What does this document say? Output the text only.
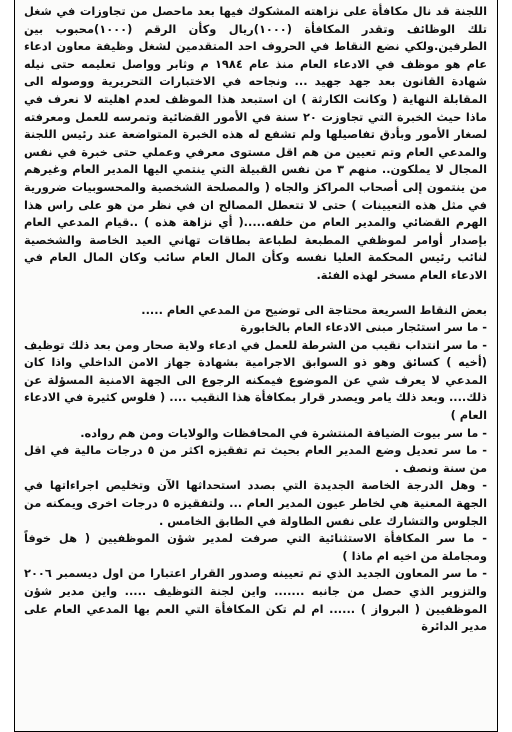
اللجنة قد نال مكافأة على نزاهته المشكوك فيها بعد ماحصل من تجاوزات في شغل تلك الوظائف وتقدر المكافأة (١٠٠٠)ريال وكأن الرقم (١٠٠٠)محبوب بين الطرفين.ولكي نضع النقاط في الحروف احد المتقدمين لشغل وظيفة معاون ادعاء عام هو موظف في الادعاء العام منذ عام ١٩٨٤ م وثابر وواصل تعليمه حتى نيله شهادة القانون بعد جهد جهيد ... ونجاحه في الاختبارات التحريرية ووصوله الى المقابلة النهاية ( وكانت الكارثة ) ان استبعد هذا الموظف لعدم اهليته لا نعرف في ماذا حيث الخبرة التي تجاوزت ٢٠ سنة في الأمور القضائية وتمرسه للعمل ومعرفته لصغار الأمور وبأدق تفاصيلها ولم تشفع له هذه الخبرة المتواضعة عند رئيس اللجنة والمدعي العام وتم تعيين من هم اقل مستوى معرفي وعملي حتى خبرة في نفس المجال لا يملكون.. منهم ٣ من نفس القبيلة التي ينتمي اليها المدير العام وغيرهم من ينتمون إلى أصحاب المراكز والجاه ( والمصلحة الشخصية والمحسوبيات ضرورية في مثل هذه التعيينات ) حتى لا تتعطل المصالح ان في نظر من هو على راس هذا الهرم القضائي والمدير العام من خلفه.....( أي نزاهة هذه ) ..قيام المدعي العام بإصدار أوامر لموظفي المطبعة لطباعة بطاقات تهاني العيد الخاصة والشخصية لنائب رئيس المحكمة العليا نفسه وكأن المال العام سائب وكان المال العام في الادعاء العام مسخر لهذه الفئة.

بعض النقاط السريعة محتاجة الى توضيح من المدعي العام .....

- ما سر استئجار مبنى الادعاء العام بالخابورة

- ما سر انتداب نقيب من الشرطة للعمل في ادعاء ولاية صحار ومن بعد ذلك توظيف (أخيه ) كسائق وهو ذو السوابق الاجرامية بشهادة جهاز الامن الداخلي واذا كان المدعي لا يعرف شي عن الموضوع فيمكنه الرجوع الى الجهة الامنية المسؤلة عن ذلك.... وبعد ذلك يامر ويصدر قرار بمكافأة هذا النقيب .... ( فلوس كثيرة في الادعاء العام )

- ما سر بيوت الضيافة المنتشرة في المحافظات والولايات ومن هم رواده.

- ما سر تعديل وضع المدير العام بحيث تم تفقيزه اكثر من ٥ درجات مالية في اقل من سنة ونصف .

- وهل الدرجة الخاصة الجديدة التي بصدد استحداثها الآن وتخليص اجراءاتها في الجهة المعنية هي لخاطر عيون المدير العام ... ولتفقيزه ٥ درجات اخرى ويمكنه من الجلوس والتشارك على نفس الطاولة في الطابق الخامس .

- ما سر المكافأة الاستثنائية التي صرفت لمدير شؤن الموظفيين ( هل خوفاً ومجاملة من اخيه ام ماذا )

- ما سر المعاون الجديد الذي تم تعيينه وصدور القرار اعتبارا من اول ديسمبر ٢٠٠٦ والتزوير الذي حصل من جانبه ....... واين لجنة التوظيف ..... واين مدير شؤن الموظفيين ( البرواز ) ...... ام لم تكن المكافأة التي العم بها المدعي العام على مدير الدائرة
